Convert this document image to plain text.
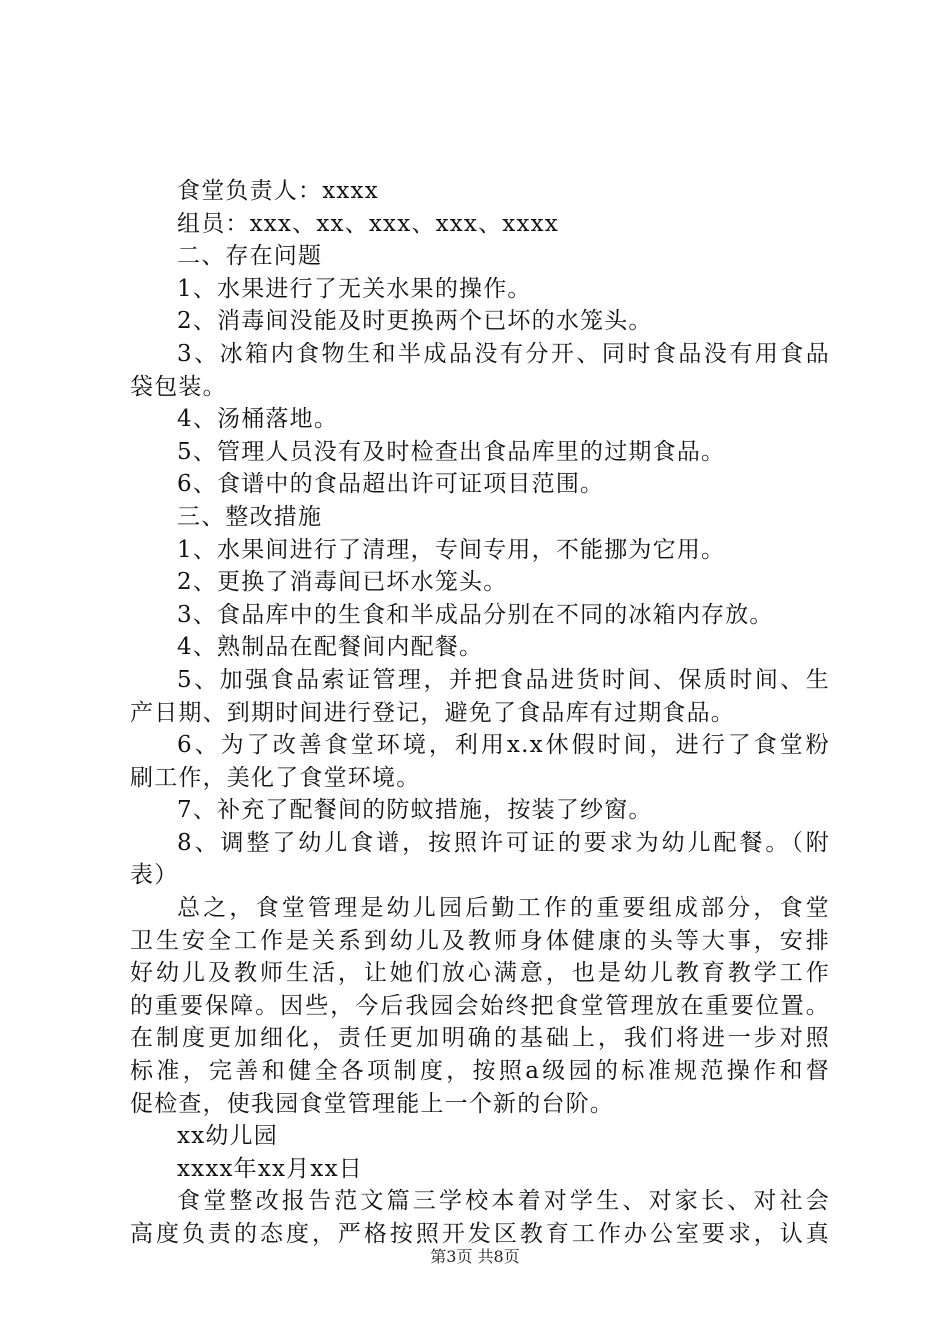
食堂负责人：xxxx
组员：xxx、xx、xxx、xxx、xxxx
二、存在问题
1、水果进行了无关水果的操作。
2、消毒间没能及时更换两个已坏的水笼头。
3、冰箱内食物生和半成品没有分开、同时食品没有用食品
袋包装。
4、汤桶落地。
5、管理人员没有及时检查出食品库里的过期食品。
6、食谱中的食品超出许可证项目范围。
三、整改措施
1、水果间进行了清理，专间专用，不能挪为它用。
2、更换了消毒间已坏水笼头。
3、食品库中的生食和半成品分别在不同的冰箱内存放。
4、熟制品在配餐间内配餐。
5、加强食品索证管理，并把食品进货时间、保质时间、生
产日期、到期时间进行登记，避免了食品库有过期食品。
6、为了改善食堂环境，利用x.x休假时间，进行了食堂粉
刷工作，美化了食堂环境。
7、补充了配餐间的防蚊措施，按装了纱窗。
8、调整了幼儿食谱，按照许可证的要求为幼儿配餐。（附
表）
总之，食堂管理是幼儿园后勤工作的重要组成部分，食堂
卫生安全工作是关系到幼儿及教师身体健康的头等大事，安排
好幼儿及教师生活，让她们放心满意，也是幼儿教育教学工作
的重要保障。因些，今后我园会始终把食堂管理放在重要位置。
在制度更加细化，责任更加明确的基础上，我们将进一步对照
标准，完善和健全各项制度，按照a级园的标准规范操作和督
促检查，使我园食堂管理能上一个新的台阶。
xx幼儿园
xxxx年xx月xx日
食堂整改报告范文篇三学校本着对学生、对家长、对社会
高度负责的态度，严格按照开发区教育工作办公室要求，认真
第3页 共8页
